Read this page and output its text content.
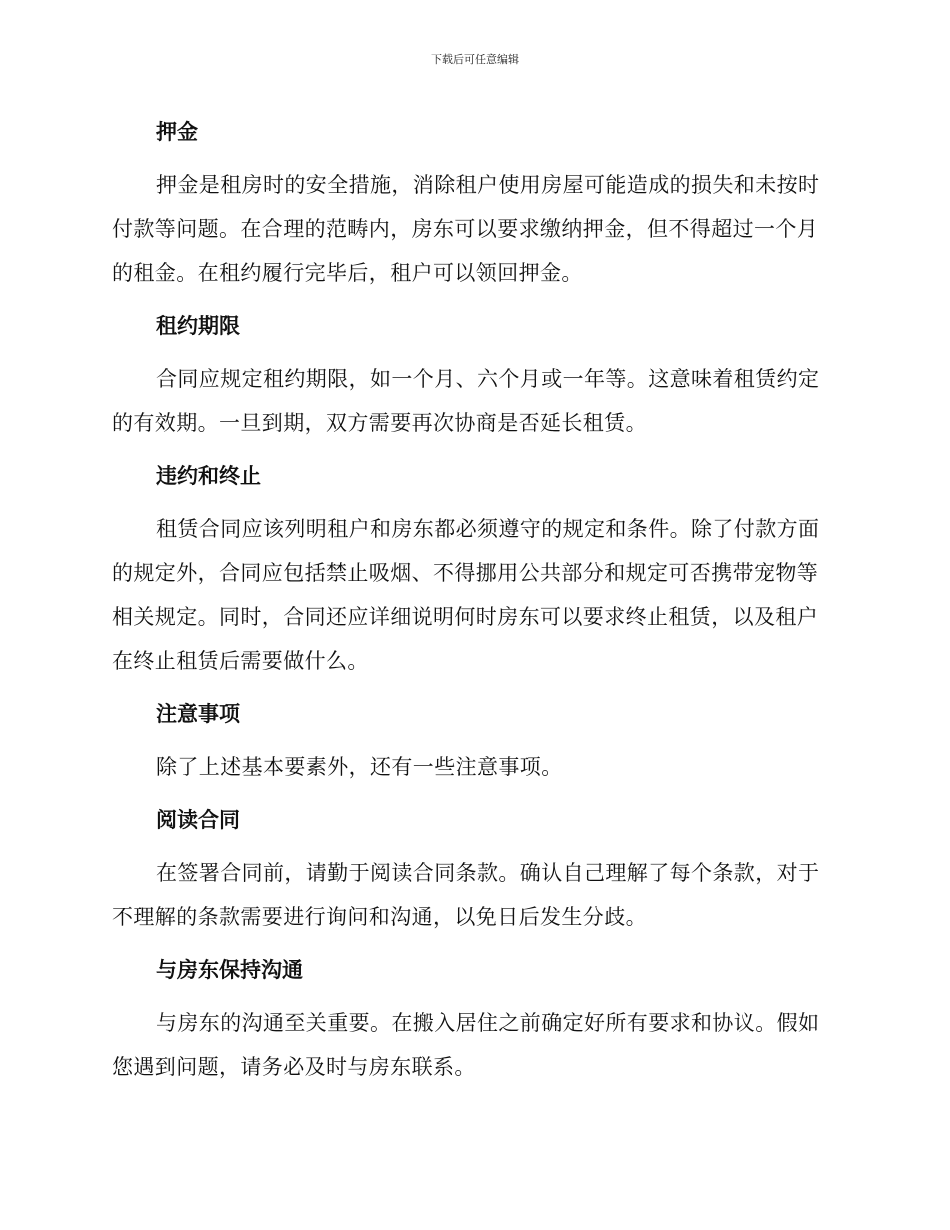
下载后可任意编辑
押金

押金是租房时的安全措施，消除租户使用房屋可能造成的损失和未按时付款等问题。在合理的范畴内，房东可以要求缴纳押金，但不得超过一个月的租金。在租约履行完毕后，租户可以领回押金。

租约期限

合同应规定租约期限，如一个月、六个月或一年等。这意味着租赁约定的有效期。一旦到期，双方需要再次协商是否延长租赁。

违约和终止

租赁合同应该列明租户和房东都必须遵守的规定和条件。除了付款方面的规定外，合同应包括禁止吸烟、不得挪用公共部分和规定可否携带宠物等相关规定。同时，合同还应详细说明何时房东可以要求终止租赁，以及租户在终止租赁后需要做什么。

注意事项

除了上述基本要素外，还有一些注意事项。

阅读合同

在签署合同前，请勤于阅读合同条款。确认自己理解了每个条款，对于不理解的条款需要进行询问和沟通，以免日后发生分歧。

与房东保持沟通

与房东的沟通至关重要。在搬入居住之前确定好所有要求和协议。假如您遇到问题，请务必及时与房东联系。
